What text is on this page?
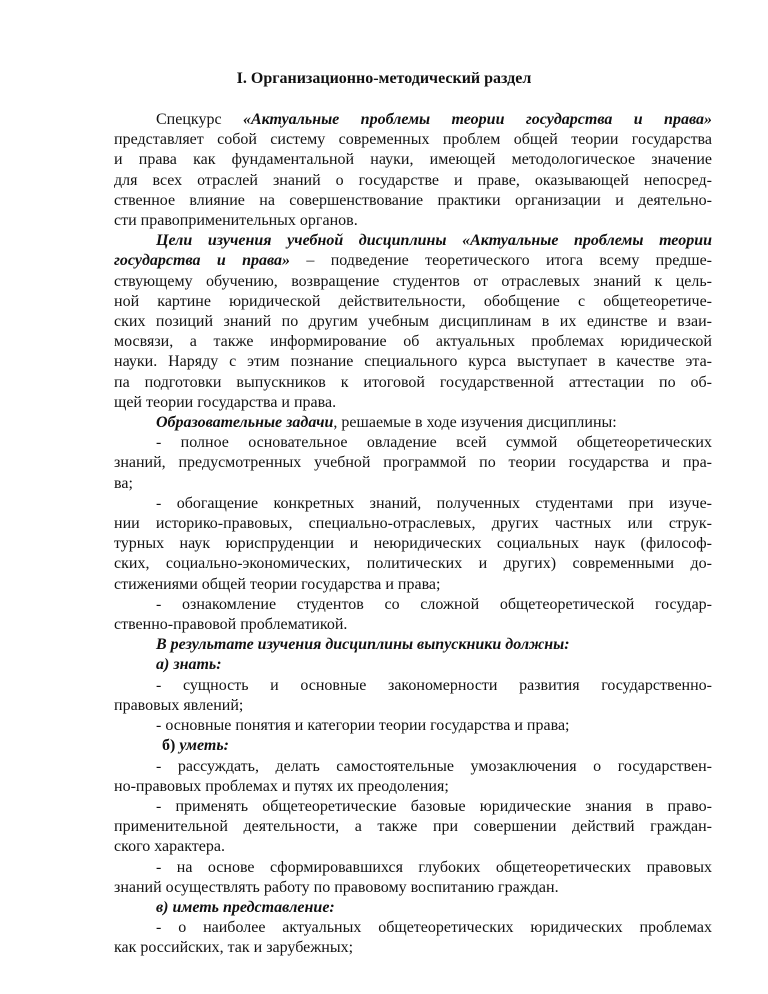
I. Организационно-методический раздел
Спецкурс «Актуальные проблемы теории государства и права»
представляет собой систему современных проблем общей теории государства
и права как фундаментальной науки, имеющей методологическое значение
для всех отраслей знаний о государстве и праве, оказывающей непосред-
ственное влияние на совершенствование практики организации и деятельно-
сти правоприменительных органов.
Цели изучения учебной дисциплины «Актуальные проблемы теории
государства и права» – подведение теоретического итога всему предше-
ствующему обучению, возвращение студентов от отраслевых знаний к цель-
ной картине юридической действительности, обобщение с общетеоретиче-
ских позиций знаний по другим учебным дисциплинам в их единстве и взаи-
мосвязи, а также информирование об актуальных проблемах юридической
науки. Наряду с этим познание специального курса выступает в качестве эта-
па подготовки выпускников к итоговой государственной аттестации по об-
щей теории государства и права.
Образовательные задачи, решаемые в ходе изучения дисциплины:
- полное основательное овладение всей суммой общетеоретических
знаний, предусмотренных учебной программой по теории государства и пра-
ва;
- обогащение конкретных знаний, полученных студентами при изуче-
нии историко-правовых, специально-отраслевых, других частных или струк-
турных наук юриспруденции и неюридических социальных наук (философ-
ских, социально-экономических, политических и других) современными до-
стижениями общей теории государства и права;
- ознакомление студентов со сложной общетеоретической государ-
ственно-правовой проблематикой.
В результате изучения дисциплины выпускники должны:
а) знать:
- сущность и основные закономерности развития государственно-
правовых явлений;
- основные понятия и категории теории государства и права;
б) уметь:
- рассуждать, делать самостоятельные умозаключения о государствен-
но-правовых проблемах и путях их преодоления;
- применять общетеоретические базовые юридические знания в право-
применительной деятельности, а также при совершении действий граждан-
ского характера.
- на основе сформировавшихся глубоких общетеоретических правовых
знаний осуществлять работу по правовому воспитанию граждан.
в) иметь представление:
- о наиболее актуальных общетеоретических юридических проблемах
как российских, так и зарубежных;
